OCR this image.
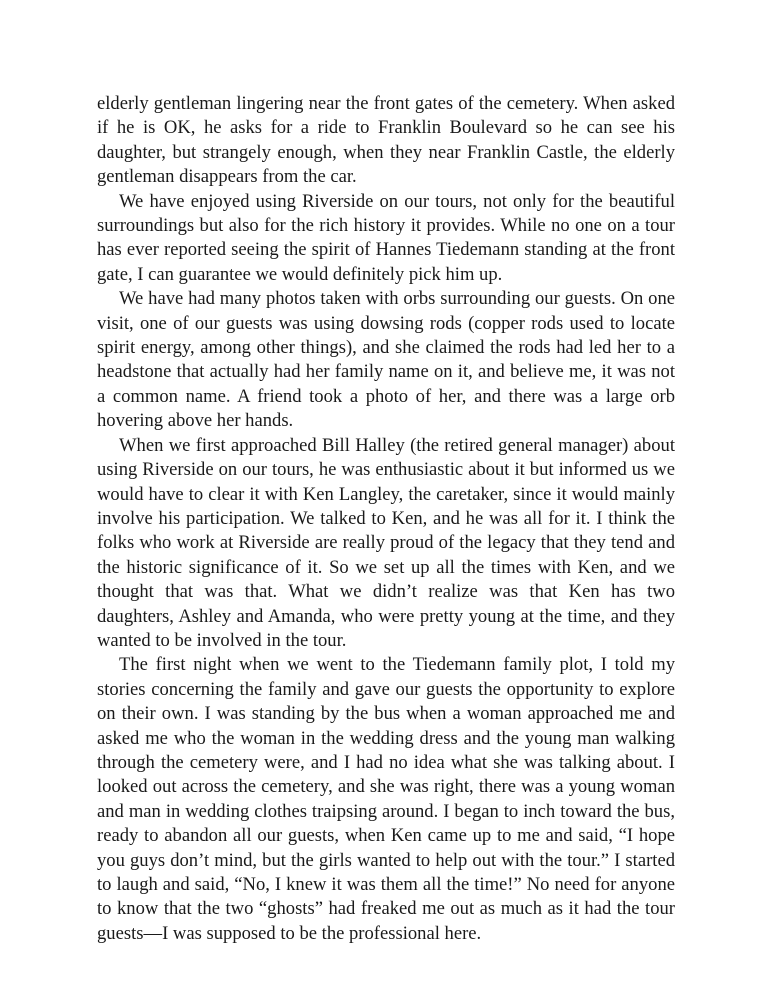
elderly gentleman lingering near the front gates of the cemetery. When asked if he is OK, he asks for a ride to Franklin Boulevard so he can see his daughter, but strangely enough, when they near Franklin Castle, the elderly gentleman disappears from the car.

We have enjoyed using Riverside on our tours, not only for the beautiful surroundings but also for the rich history it provides. While no one on a tour has ever reported seeing the spirit of Hannes Tiedemann standing at the front gate, I can guarantee we would definitely pick him up.

We have had many photos taken with orbs surrounding our guests. On one visit, one of our guests was using dowsing rods (copper rods used to locate spirit energy, among other things), and she claimed the rods had led her to a headstone that actually had her family name on it, and believe me, it was not a common name. A friend took a photo of her, and there was a large orb hovering above her hands.

When we first approached Bill Halley (the retired general manager) about using Riverside on our tours, he was enthusiastic about it but informed us we would have to clear it with Ken Langley, the caretaker, since it would mainly involve his participation. We talked to Ken, and he was all for it. I think the folks who work at Riverside are really proud of the legacy that they tend and the historic significance of it. So we set up all the times with Ken, and we thought that was that. What we didn’t realize was that Ken has two daughters, Ashley and Amanda, who were pretty young at the time, and they wanted to be involved in the tour.

The first night when we went to the Tiedemann family plot, I told my stories concerning the family and gave our guests the opportunity to explore on their own. I was standing by the bus when a woman approached me and asked me who the woman in the wedding dress and the young man walking through the cemetery were, and I had no idea what she was talking about. I looked out across the cemetery, and she was right, there was a young woman and man in wedding clothes traipsing around. I began to inch toward the bus, ready to abandon all our guests, when Ken came up to me and said, “I hope you guys don’t mind, but the girls wanted to help out with the tour.” I started to laugh and said, “No, I knew it was them all the time!” No need for anyone to know that the two “ghosts” had freaked me out as much as it had the tour guests—I was supposed to be the professional here.
